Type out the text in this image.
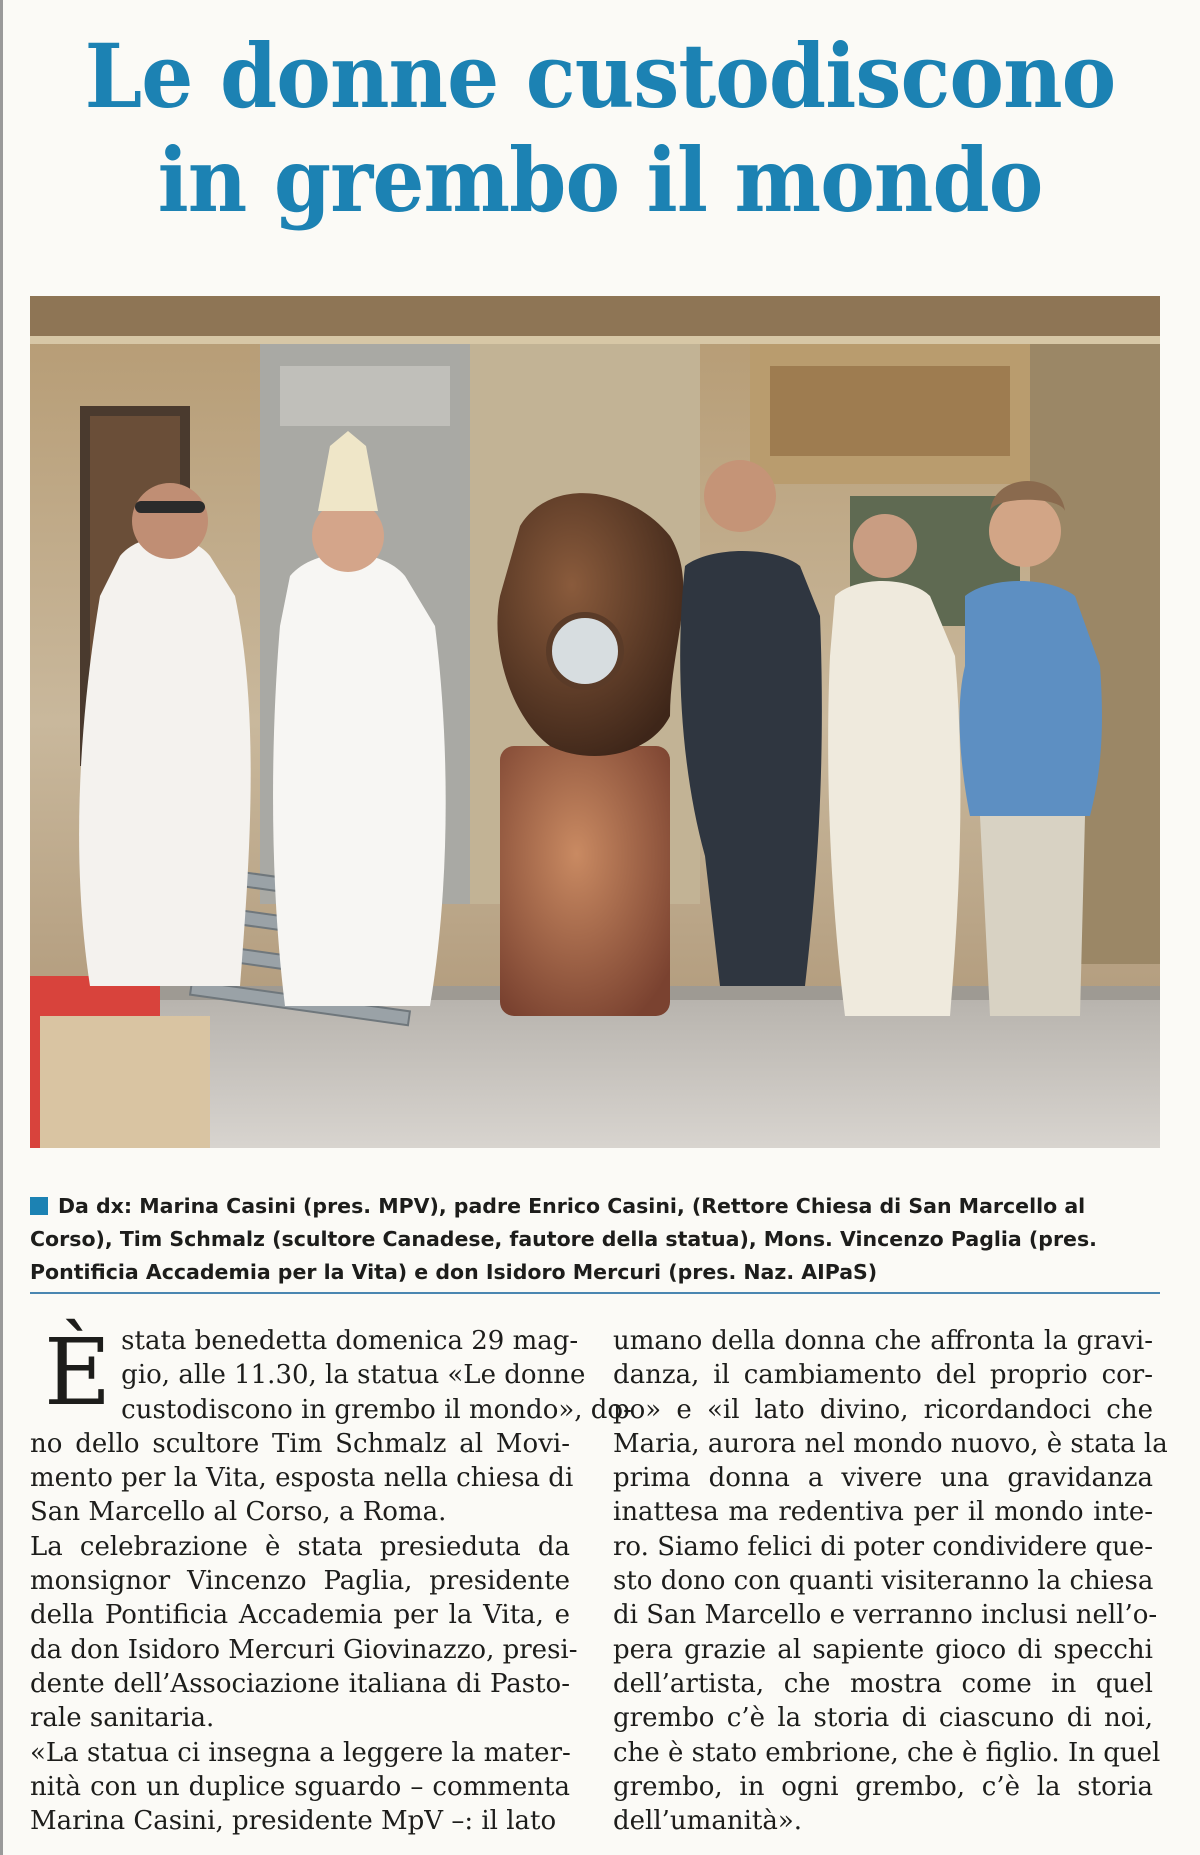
Le donne custodiscono
in grembo il mondo
Da dx: Marina Casini (pres. MPV), padre Enrico Casini, (Rettore Chiesa di San Marcello al Corso), Tim Schmalz (scultore Canadese, fautore della statua), Mons. Vincenzo Paglia (pres. Pontificia Accademia per la Vita) e don Isidoro Mercuri (pres. Naz. AIPaS)
È stata benedetta domenica 29 mag-
gio, alle 11.30, la statua «Le donne
custodiscono in grembo il mondo», do-
no dello scultore Tim Schmalz al Movi-
mento per la Vita, esposta nella chiesa di
San Marcello al Corso, a Roma.
La celebrazione è stata presieduta da
monsignor Vincenzo Paglia, presidente
della Pontificia Accademia per la Vita, e
da don Isidoro Mercuri Giovinazzo, presi-
dente dell’Associazione italiana di Pasto-
rale sanitaria.
«La statua ci insegna a leggere la mater-
nità con un duplice sguardo – commenta
Marina Casini, presidente MpV –: il lato
umano della donna che affronta la gravi-
danza, il cambiamento del proprio cor-
po» e «il lato divino, ricordandoci che
Maria, aurora nel mondo nuovo, è stata la
prima donna a vivere una gravidanza
inattesa ma redentiva per il mondo inte-
ro. Siamo felici di poter condividere que-
sto dono con quanti visiteranno la chiesa
di San Marcello e verranno inclusi nell’o-
pera grazie al sapiente gioco di specchi
dell’artista, che mostra come in quel
grembo c’è la storia di ciascuno di noi,
che è stato embrione, che è figlio. In quel
grembo, in ogni grembo, c’è la storia
dell’umanità».
